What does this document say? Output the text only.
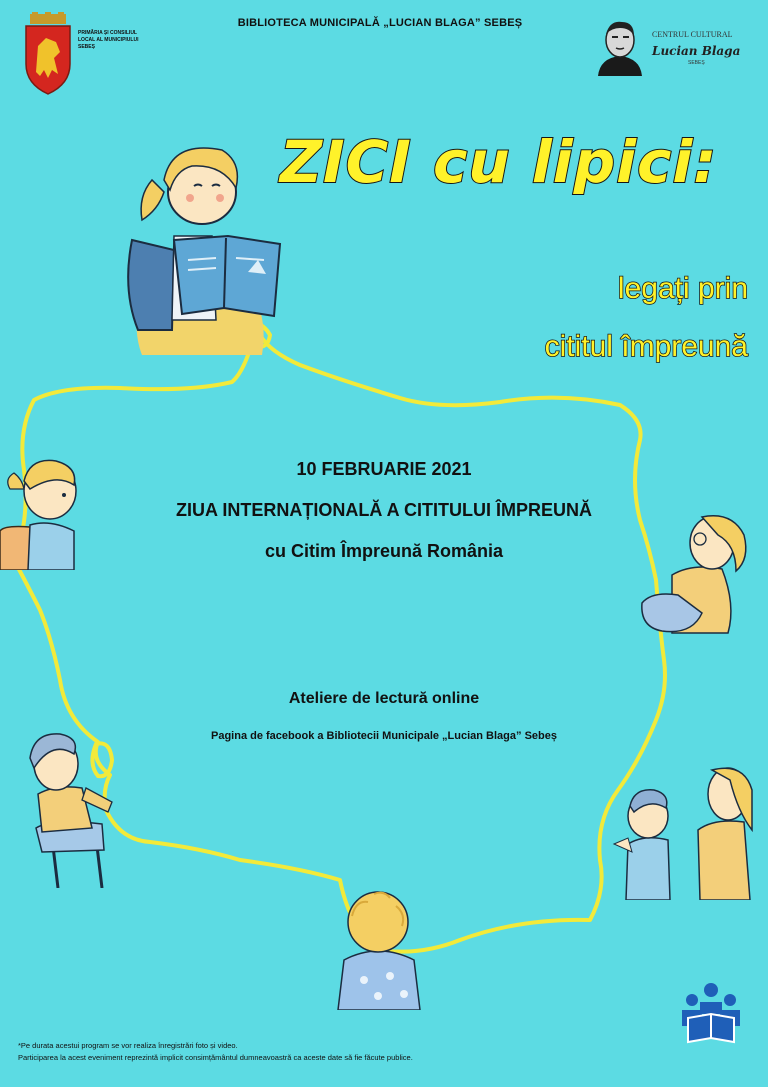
PRIMĂRIA ȘI CONSILIUL
LOCAL AL MUNICIPIULUI
SEBEȘ
BIBLIOTECA MUNICIPALĂ „LUCIAN BLAGA” SEBEȘ
CENTRUL CULTURAL
Lucian Blaga
SEBEȘ
ZICI cu lipici:
legați prin
cititul împreună
10 FEBRUARIE 2021
ZIUA INTERNAȚIONALĂ A CITITULUI ÎMPREUNĂ
cu Citim Împreună România
Ateliere de lectură online
Pagina de facebook a Bibliotecii Municipale „Lucian Blaga” Sebeș
*Pe durata acestui program se vor realiza înregistrări foto și video.
Participarea la acest eveniment reprezintă implicit consimțământul dumneavoastră ca aceste date să fie făcute publice.
